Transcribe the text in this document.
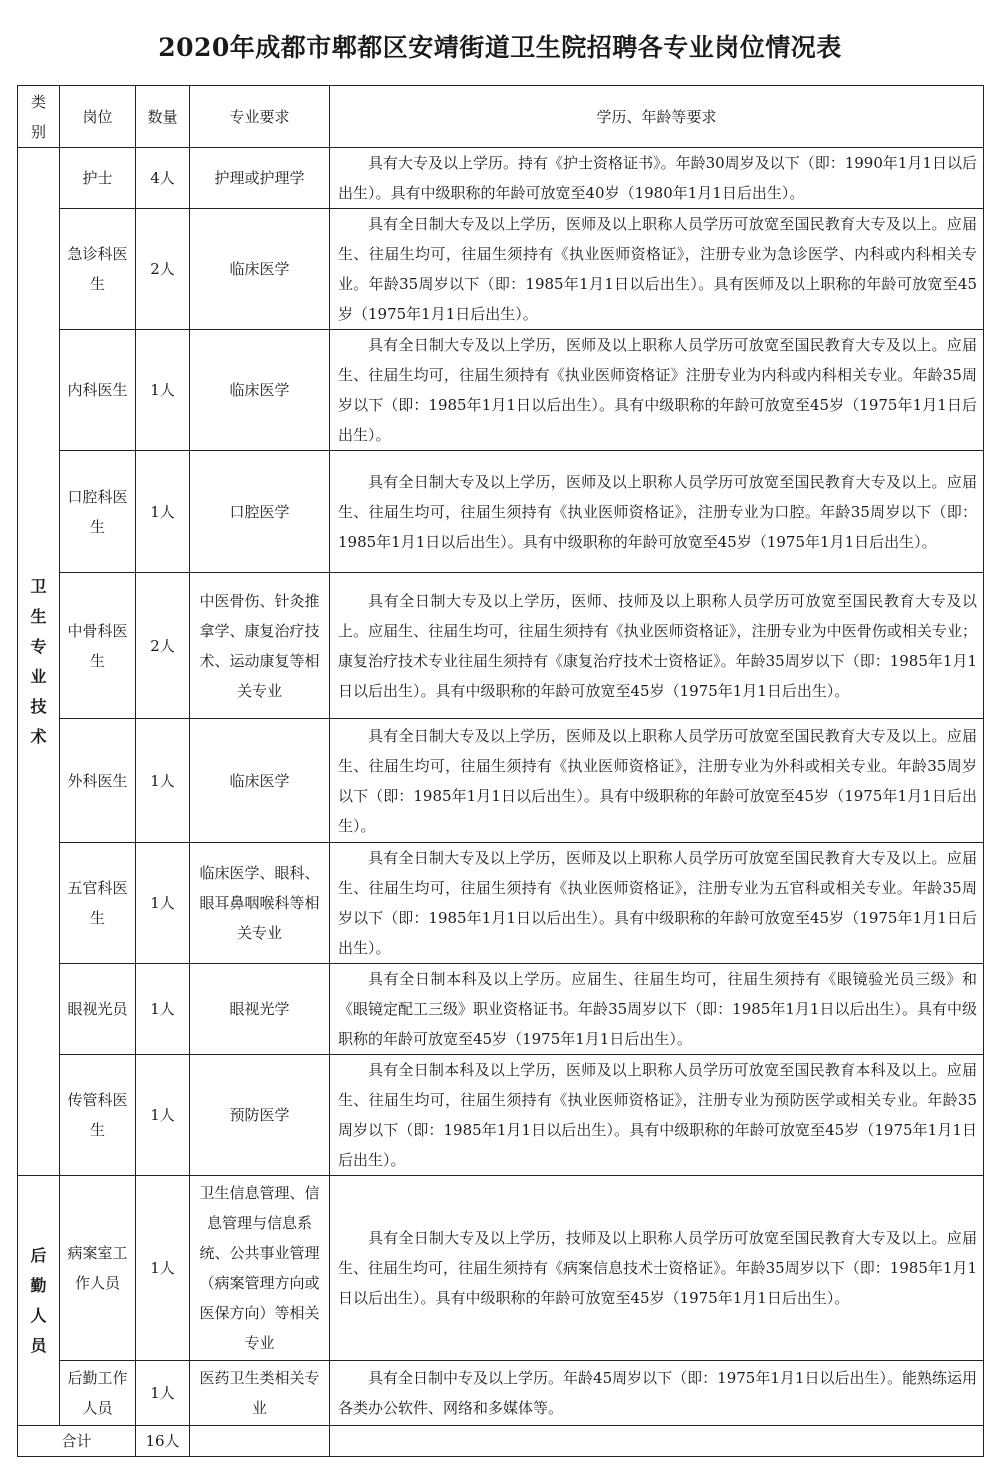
2020年成都市郫都区安靖街道卫生院招聘各专业岗位情况表
类别	岗位	数量	专业要求	学历、年龄等要求
卫生专业技术	护士	4人	护理或护理学	具有大专及以上学历。持有《护士资格证书》。年龄30周岁及以下（即：1990年1月1日以后出生）。具有中级职称的年龄可放宽至40岁（1980年1月1日后出生）。
	急诊科医生	2人	临床医学	具有全日制大专及以上学历，医师及以上职称人员学历可放宽至国民教育大专及以上。应届生、往届生均可，往届生须持有《执业医师资格证》，注册专业为急诊医学、内科或内科相关专业。年龄35周岁以下（即：1985年1月1日以后出生）。具有医师及以上职称的年龄可放宽至45岁（1975年1月1日后出生）。
	内科医生	1人	临床医学	具有全日制大专及以上学历，医师及以上职称人员学历可放宽至国民教育大专及以上。应届生、往届生均可，往届生须持有《执业医师资格证》注册专业为内科或内科相关专业。年龄35周岁以下（即：1985年1月1日以后出生）。具有中级职称的年龄可放宽至45岁（1975年1月1日后出生）。
	口腔科医生	1人	口腔医学	具有全日制大专及以上学历，医师及以上职称人员学历可放宽至国民教育大专及以上。应届生、往届生均可，往届生须持有《执业医师资格证》，注册专业为口腔。年龄35周岁以下（即：1985年1月1日以后出生）。具有中级职称的年龄可放宽至45岁（1975年1月1日后出生）。
	中骨科医生	2人	中医骨伤、针灸推拿学、康复治疗技术、运动康复等相关专业	具有全日制大专及以上学历，医师、技师及以上职称人员学历可放宽至国民教育大专及以上。应届生、往届生均可，往届生须持有《执业医师资格证》，注册专业为中医骨伤或相关专业；康复治疗技术专业往届生须持有《康复治疗技术士资格证》。年龄35周岁以下（即：1985年1月1日以后出生）。具有中级职称的年龄可放宽至45岁（1975年1月1日后出生）。
	外科医生	1人	临床医学	具有全日制大专及以上学历，医师及以上职称人员学历可放宽至国民教育大专及以上。应届生、往届生均可，往届生须持有《执业医师资格证》，注册专业为外科或相关专业。年龄35周岁以下（即：1985年1月1日以后出生）。具有中级职称的年龄可放宽至45岁（1975年1月1日后出生）。
	五官科医生	1人	临床医学、眼科、眼耳鼻咽喉科等相关专业	具有全日制大专及以上学历，医师及以上职称人员学历可放宽至国民教育大专及以上。应届生、往届生均可，往届生须持有《执业医师资格证》，注册专业为五官科或相关专业。年龄35周岁以下（即：1985年1月1日以后出生）。具有中级职称的年龄可放宽至45岁（1975年1月1日后出生）。
	眼视光员	1人	眼视光学	具有全日制本科及以上学历。应届生、往届生均可，往届生须持有《眼镜验光员三级》和《眼镜定配工三级》职业资格证书。年龄35周岁以下（即：1985年1月1日以后出生）。具有中级职称的年龄可放宽至45岁（1975年1月1日后出生）。
	传管科医生	1人	预防医学	具有全日制本科及以上学历，医师及以上职称人员学历可放宽至国民教育本科及以上。应届生、往届生均可，往届生须持有《执业医师资格证》，注册专业为预防医学或相关专业。年龄35周岁以下（即：1985年1月1日以后出生）。具有中级职称的年龄可放宽至45岁（1975年1月1日后出生）。
后勤人员	病案室工作人员	1人	卫生信息管理、信息管理与信息系统、公共事业管理（病案管理方向或医保方向）等相关专业	具有全日制大专及以上学历，技师及以上职称人员学历可放宽至国民教育大专及以上。应届生、往届生均可，往届生须持有《病案信息技术士资格证》。年龄35周岁以下（即：1985年1月1日以后出生）。具有中级职称的年龄可放宽至45岁（1975年1月1日后出生）。
	后勤工作人员	1人	医药卫生类相关专业	具有全日制中专及以上学历。年龄45周岁以下（即：1975年1月1日以后出生）。能熟练运用各类办公软件、网络和多媒体等。
合计		16人		
